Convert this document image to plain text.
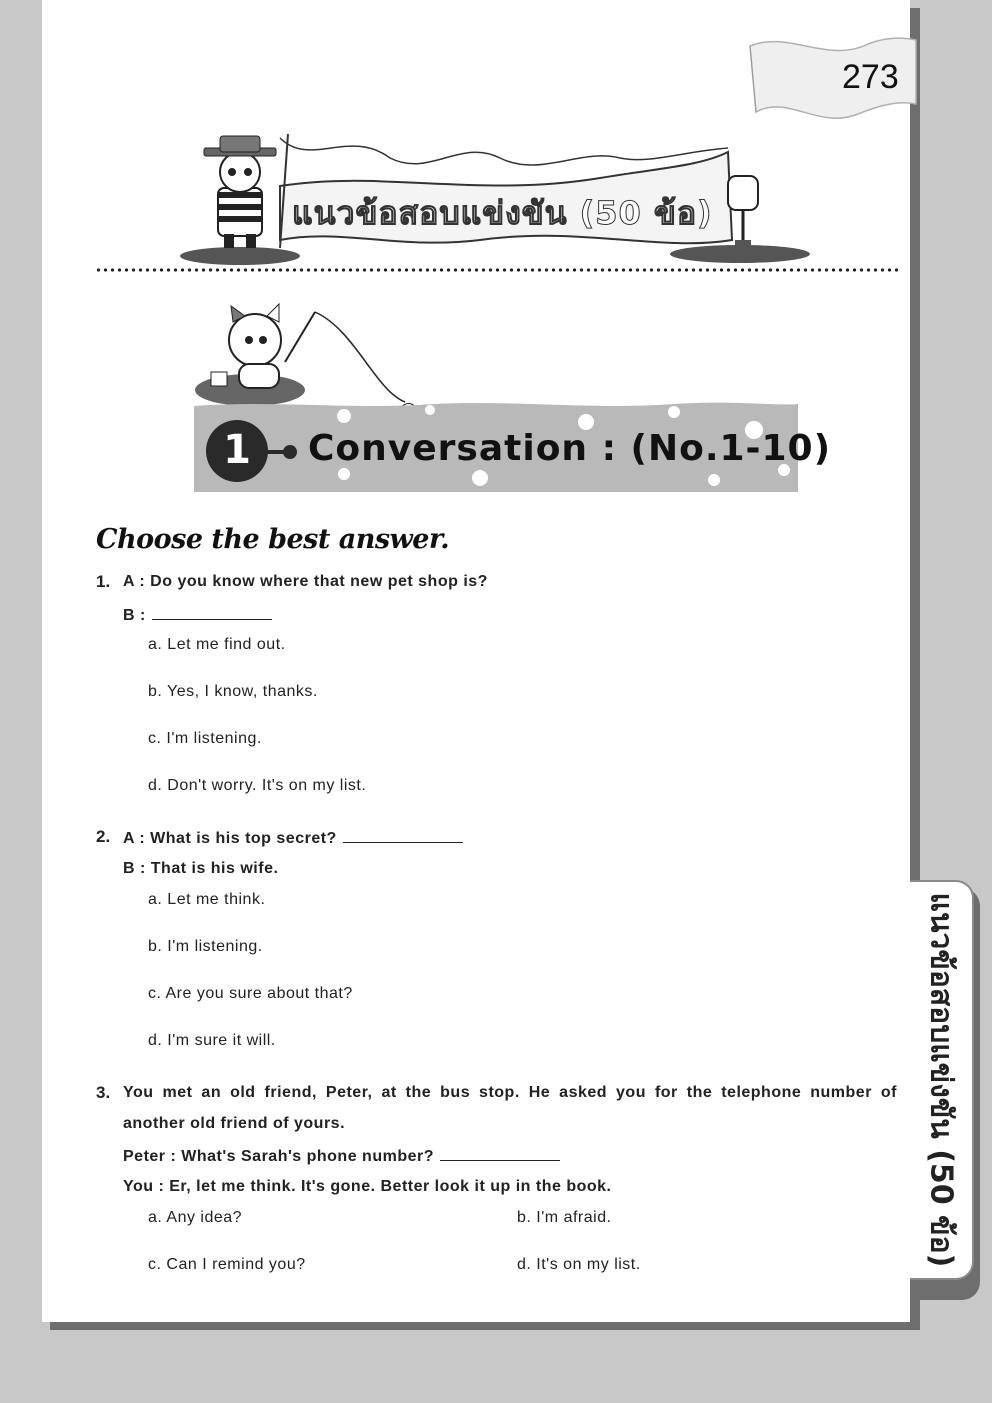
แนวข้อสอบแข่งขัน (50 ข้อ)
273
แนวข้อสอบแข่งขัน (50 ข้อ)
1	Conversation : (No.1-10)
Choose the best answer.
1. A : Do you know where that new pet shop is?
B :
a. Let me find out.
b. Yes, I know, thanks.
c. I'm listening.
d. Don't worry. It's on my list.
2. A : What is his top secret?
B : That is his wife.
a. Let me think.
b. I'm listening.
c. Are you sure about that?
d. I'm sure it will.
3. You met an old friend, Peter, at the bus stop. He asked you for the telephone number of
another old friend of yours.
Peter : What's Sarah's phone number?
You : Er, let me think. It's gone. Better look it up in the book.
a. Any idea?	b. I'm afraid.
c. Can I remind you?	d. It's on my list.
